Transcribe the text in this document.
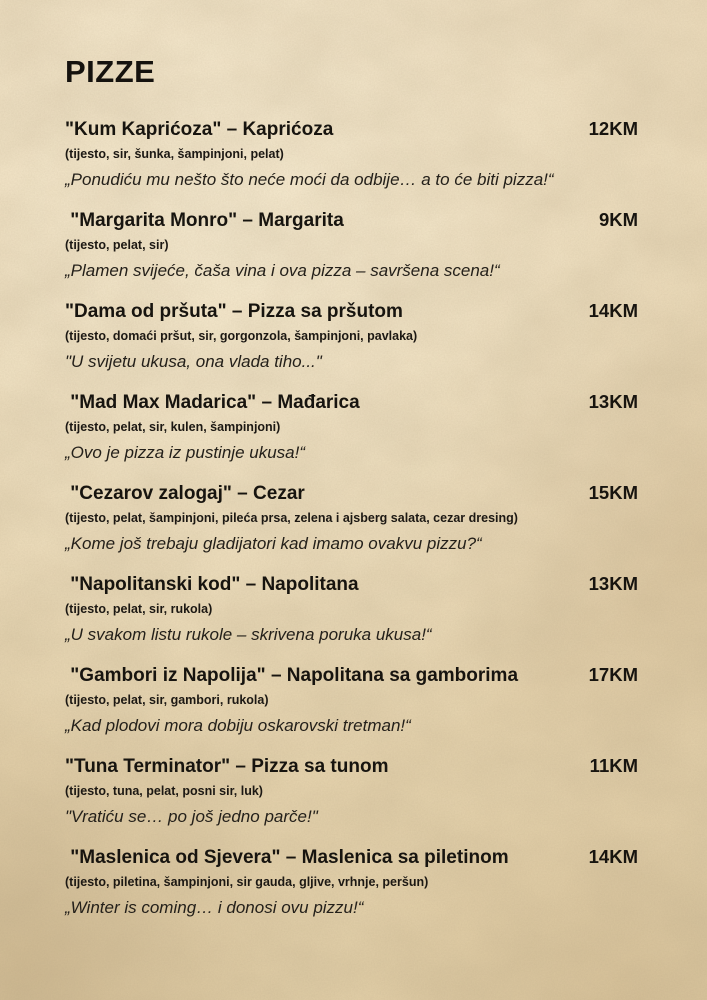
PIZZE
"Kum Kaprićoza" – Kaprićoza	12KM
(tijesto, sir, šunka, šampinjoni, pelat)
„Ponudiću mu nešto što neće moći da odbije… a to će biti pizza!“
"Margarita Monro" – Margarita	9KM
(tijesto, pelat, sir)
„Plamen svijeće, čaša vina i ova pizza – savršena scena!“
"Dama od pršuta" – Pizza sa pršutom	14KM
(tijesto, domaći pršut, sir, gorgonzola, šampinjoni, pavlaka)
"U svijetu ukusa, ona vlada tiho..."
"Mad Max Madarica" – Mađarica	13KM
(tijesto, pelat, sir, kulen, šampinjoni)
„Ovo je pizza iz pustinje ukusa!“
"Cezarov zalogaj" – Cezar	15KM
(tijesto, pelat, šampinjoni, pileća prsa, zelena i ajsberg salata, cezar dresing)
„Kome još trebaju gladijatori kad imamo ovakvu pizzu?“
"Napolitanski kod" – Napolitana	13KM
(tijesto, pelat, sir, rukola)
„U svakom listu rukole – skrivena poruka ukusa!“
"Gambori iz Napolija" – Napolitana sa gamborima	17KM
(tijesto, pelat, sir, gambori, rukola)
„Kad plodovi mora dobiju oskarovski tretman!“
"Tuna Terminator" – Pizza sa tunom	11KM
(tijesto, tuna, pelat, posni sir, luk)
"Vratiću se… po još jedno parče!"
"Maslenica od Sjevera" – Maslenica sa piletinom	14KM
(tijesto, piletina, šampinjoni, sir gauda, gljive, vrhnje, peršun)
„Winter is coming… i donosi ovu pizzu!“
